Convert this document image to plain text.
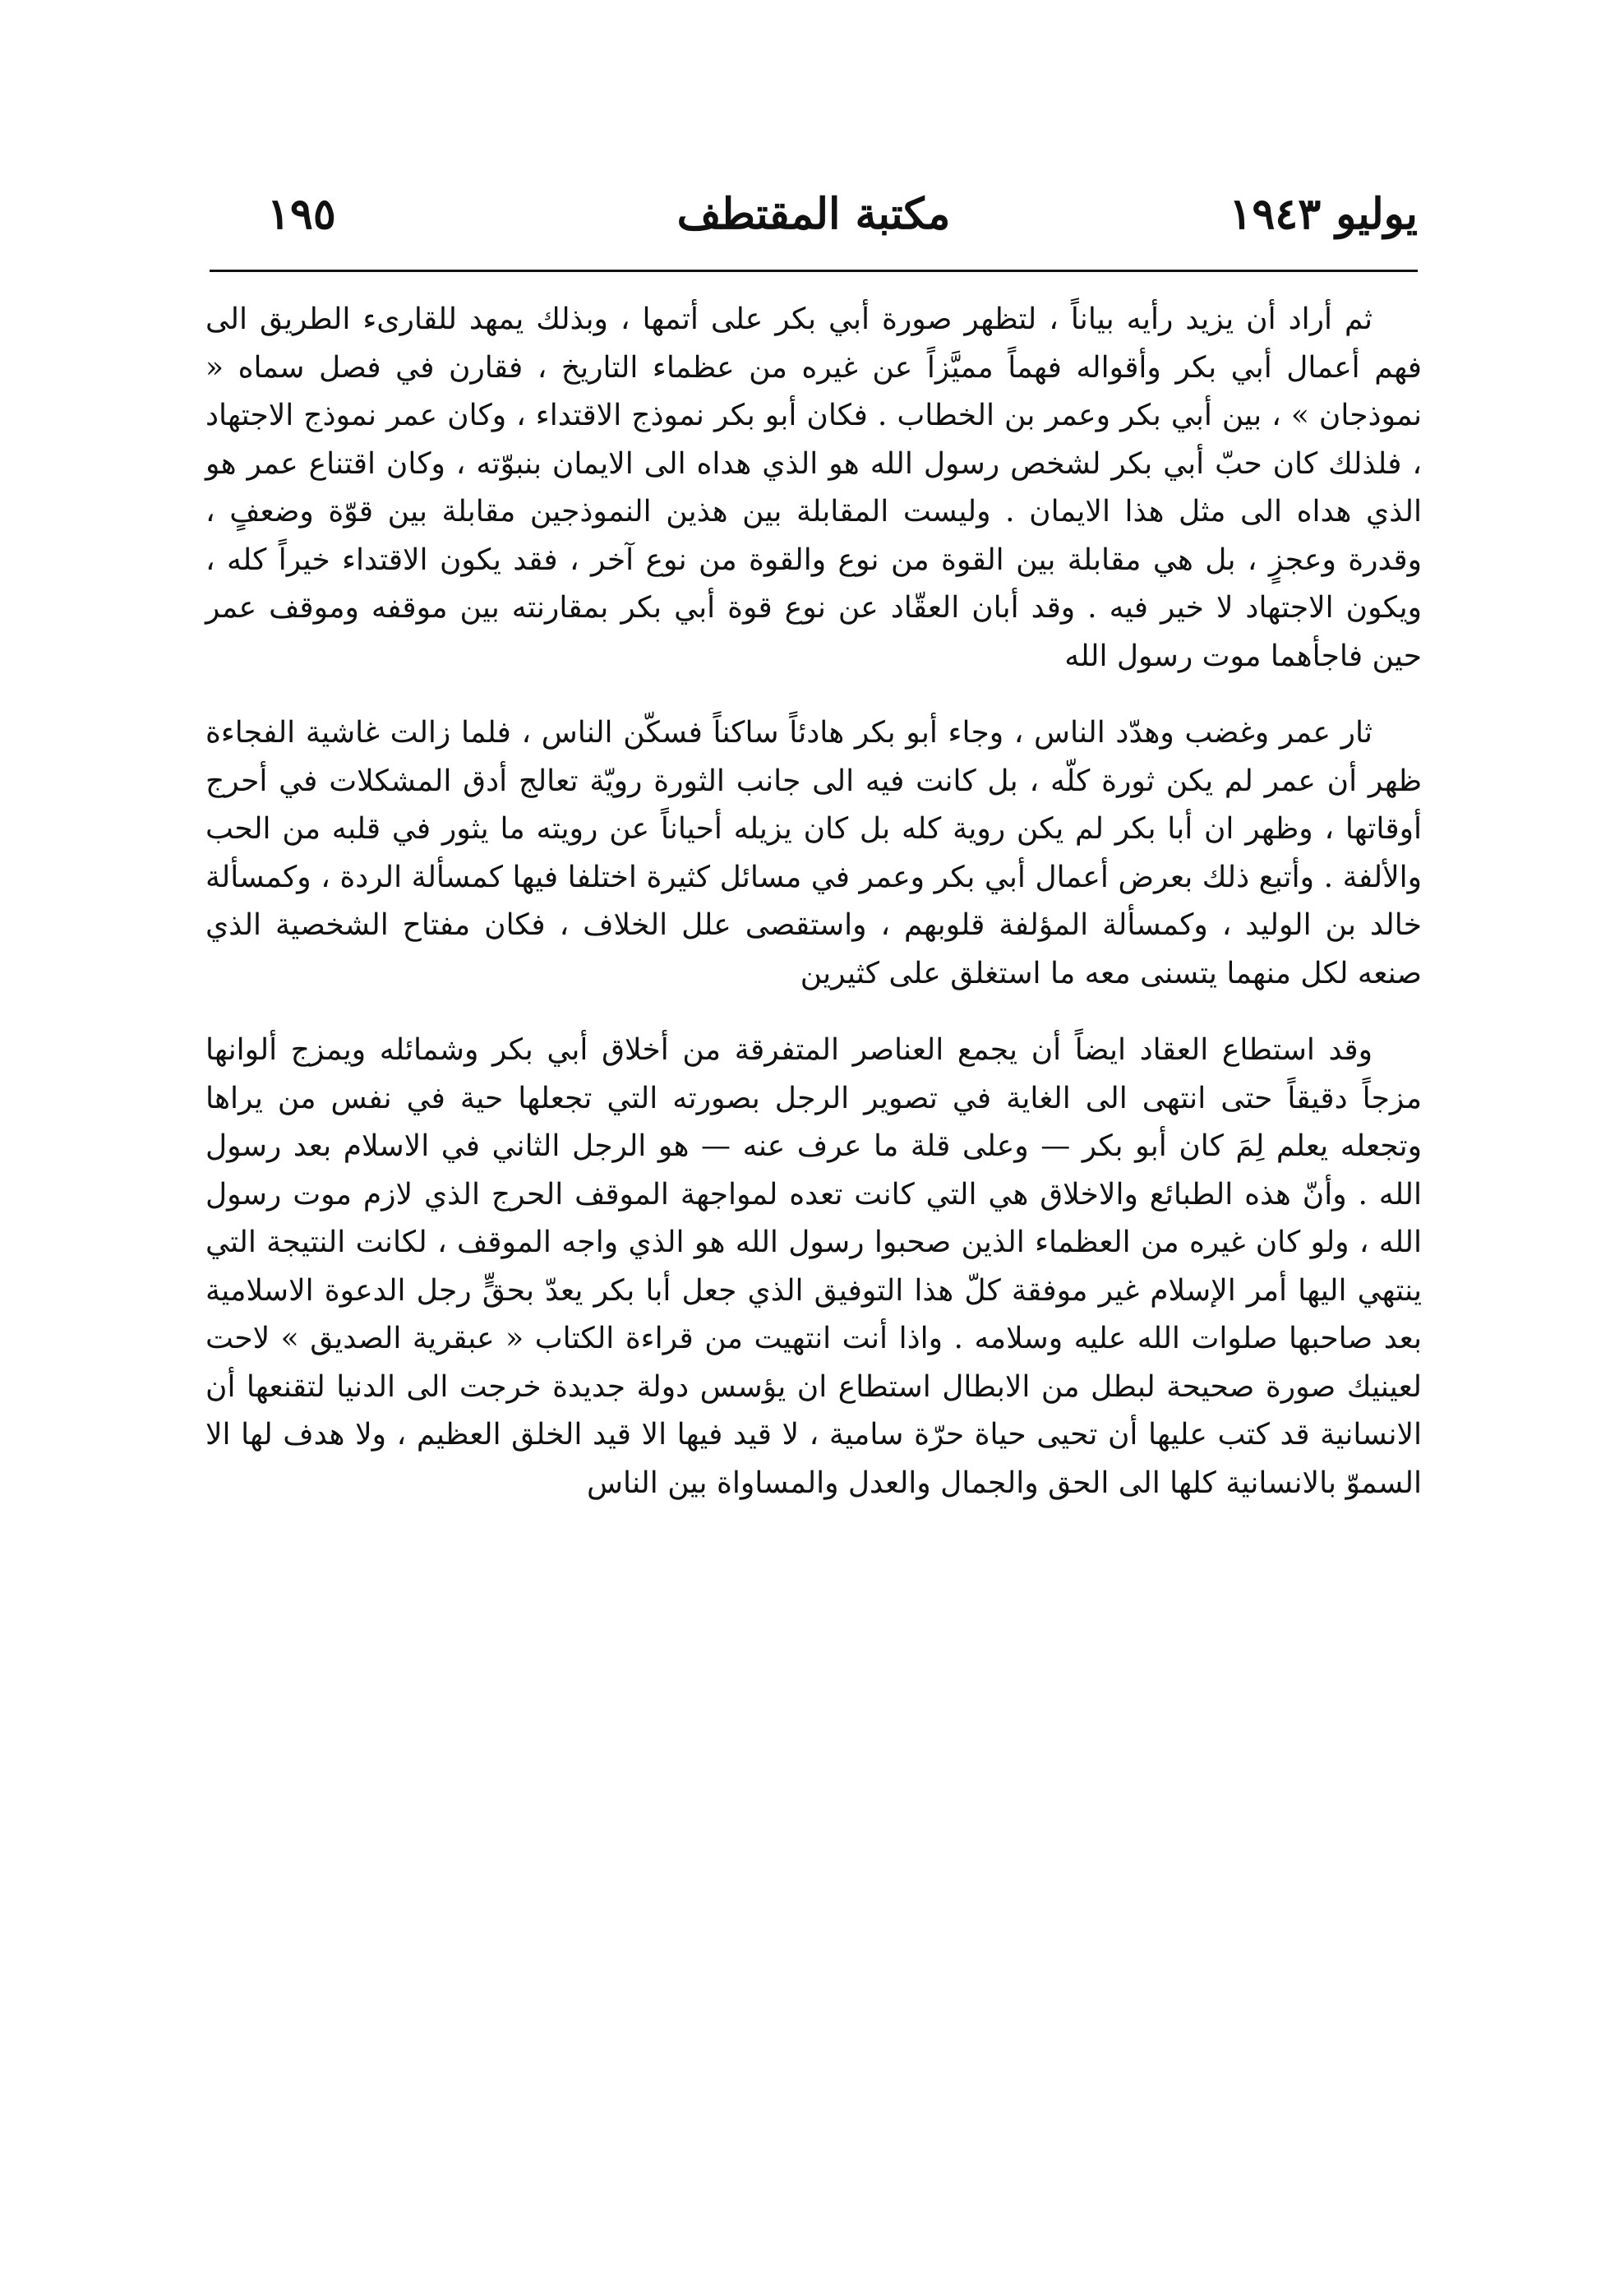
يوليو ١٩٤٣
مكتبة المقتطف
١٩٥

ثم أراد أن يزيد رأيه بياناً ، لتظهر صورة أبي بكر على أتمها ، وبذلك يمهد للقارىء الطريق الى فهم أعمال أبي بكر وأقواله فهماً مميَّزاً عن غيره من عظماء التاريخ ، فقارن في فصل سماه « نموذجان » ، بين أبي بكر وعمر بن الخطاب . فكان أبو بكر نموذج الاقتداء ، وكان عمر نموذج الاجتهاد ، فلذلك كان حبّ أبي بكر لشخص رسول الله هو الذي هداه الى الايمان بنبوّته ، وكان اقتناع عمر هو الذي هداه الى مثل هذا الايمان . وليست المقابلة بين هذين النموذجين مقابلة بين قوّة وضعفٍ ، وقدرة وعجزٍ ، بل هي مقابلة بين القوة من نوع والقوة من نوع آخر ، فقد يكون الاقتداء خيراً كله ، ويكون الاجتهاد لا خير فيه . وقد أبان العقّاد عن نوع قوة أبي بكر بمقارنته بين موقفه وموقف عمر حين فاجأهما موت رسول الله

ثار عمر وغضب وهدّد الناس ، وجاء أبو بكر هادئاً ساكناً فسكّن الناس ، فلما زالت غاشية الفجاءة ظهر أن عمر لم يكن ثورة كلّه ، بل كانت فيه الى جانب الثورة رويّة تعالج أدق المشكلات في أحرج أوقاتها ، وظهر ان أبا بكر لم يكن روية كله بل كان يزيله أحياناً عن رويته ما يثور في قلبه من الحب والألفة . وأتبع ذلك بعرض أعمال أبي بكر وعمر في مسائل كثيرة اختلفا فيها كمسألة الردة ، وكمسألة خالد بن الوليد ، وكمسألة المؤلفة قلوبهم ، واستقصى علل الخلاف ، فكان مفتاح الشخصية الذي صنعه لكل منهما يتسنى معه ما استغلق على كثيرين

وقد استطاع العقاد ايضاً أن يجمع العناصر المتفرقة من أخلاق أبي بكر وشمائله ويمزج ألوانها مزجاً دقيقاً حتى انتهى الى الغاية في تصوير الرجل بصورته التي تجعلها حية في نفس من يراها وتجعله يعلم لِمَ كان أبو بكر — وعلى قلة ما عرف عنه — هو الرجل الثاني في الاسلام بعد رسول الله . وأنّ هذه الطبائع والاخلاق هي التي كانت تعده لمواجهة الموقف الحرج الذي لازم موت رسول الله ، ولو كان غيره من العظماء الذين صحبوا رسول الله هو الذي واجه الموقف ، لكانت النتيجة التي ينتهي اليها أمر الإسلام غير موفقة كلّ هذا التوفيق الذي جعل أبا بكر يعدّ بحقٍّ رجل الدعوة الاسلامية بعد صاحبها صلوات الله عليه وسلامه . واذا أنت انتهيت من قراءة الكتاب « عبقرية الصديق » لاحت لعينيك صورة صحيحة لبطل من الابطال استطاع ان يؤسس دولة جديدة خرجت الى الدنيا لتقنعها أن الانسانية قد كتب عليها أن تحيى حياة حرّة سامية ، لا قيد فيها الا قيد الخلق العظيم ، ولا هدف لها الا السموّ بالانسانية كلها الى الحق والجمال والعدل والمساواة بين الناس
